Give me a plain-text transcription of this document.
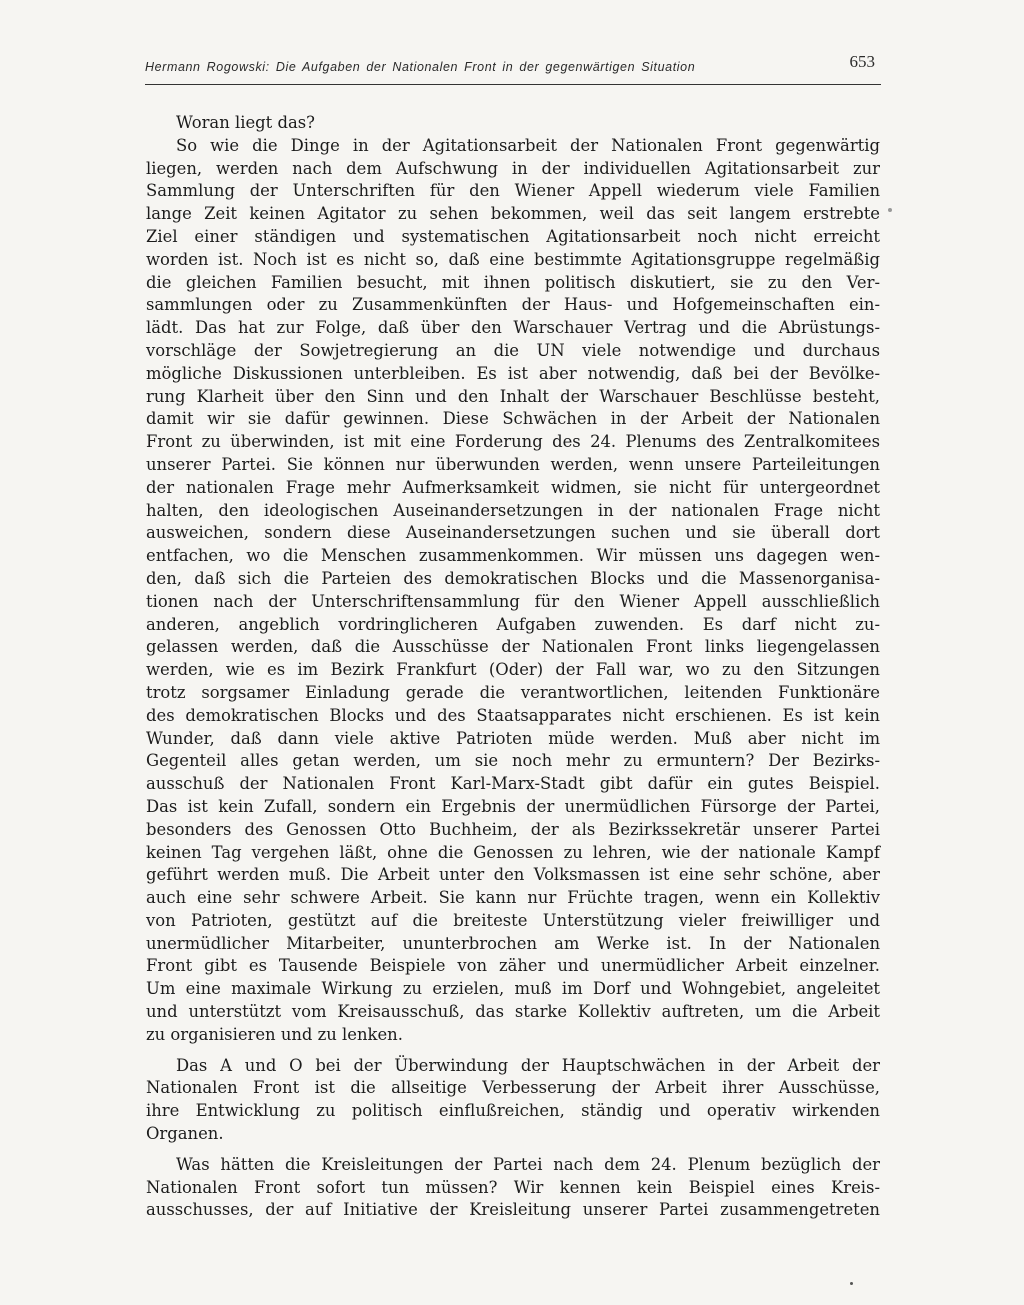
Hermann Rogowski: Die Aufgaben der Nationalen Front in der gegenwärtigen Situation	653
Woran liegt das?
So wie die Dinge in der Agitationsarbeit der Nationalen Front gegenwärtig
liegen, werden nach dem Aufschwung in der individuellen Agitationsarbeit zur
Sammlung der Unterschriften für den Wiener Appell wiederum viele Familien
lange Zeit keinen Agitator zu sehen bekommen, weil das seit langem erstrebte
Ziel einer ständigen und systematischen Agitationsarbeit noch nicht erreicht
worden ist. Noch ist es nicht so, daß eine bestimmte Agitationsgruppe regelmäßig
die gleichen Familien besucht, mit ihnen politisch diskutiert, sie zu den Ver-
sammlungen oder zu Zusammenkünften der Haus- und Hofgemeinschaften ein-
lädt. Das hat zur Folge, daß über den Warschauer Vertrag und die Abrüstungs-
vorschläge der Sowjetregierung an die UN viele notwendige und durchaus
mögliche Diskussionen unterbleiben. Es ist aber notwendig, daß bei der Bevölke-
rung Klarheit über den Sinn und den Inhalt der Warschauer Beschlüsse besteht,
damit wir sie dafür gewinnen. Diese Schwächen in der Arbeit der Nationalen
Front zu überwinden, ist mit eine Forderung des 24. Plenums des Zentralkomitees
unserer Partei. Sie können nur überwunden werden, wenn unsere Parteileitungen
der nationalen Frage mehr Aufmerksamkeit widmen, sie nicht für untergeordnet
halten, den ideologischen Auseinandersetzungen in der nationalen Frage nicht
ausweichen, sondern diese Auseinandersetzungen suchen und sie überall dort
entfachen, wo die Menschen zusammenkommen. Wir müssen uns dagegen wen-
den, daß sich die Parteien des demokratischen Blocks und die Massenorganisa-
tionen nach der Unterschriftensammlung für den Wiener Appell ausschließlich
anderen, angeblich vordringlicheren Aufgaben zuwenden. Es darf nicht zu-
gelassen werden, daß die Ausschüsse der Nationalen Front links liegengelassen
werden, wie es im Bezirk Frankfurt (Oder) der Fall war, wo zu den Sitzungen
trotz sorgsamer Einladung gerade die verantwortlichen, leitenden Funktionäre
des demokratischen Blocks und des Staatsapparates nicht erschienen. Es ist kein
Wunder, daß dann viele aktive Patrioten müde werden. Muß aber nicht im
Gegenteil alles getan werden, um sie noch mehr zu ermuntern? Der Bezirks-
ausschuß der Nationalen Front Karl-Marx-Stadt gibt dafür ein gutes Beispiel.
Das ist kein Zufall, sondern ein Ergebnis der unermüdlichen Fürsorge der Partei,
besonders des Genossen Otto Buchheim, der als Bezirkssekretär unserer Partei
keinen Tag vergehen läßt, ohne die Genossen zu lehren, wie der nationale Kampf
geführt werden muß. Die Arbeit unter den Volksmassen ist eine sehr schöne, aber
auch eine sehr schwere Arbeit. Sie kann nur Früchte tragen, wenn ein Kollektiv
von Patrioten, gestützt auf die breiteste Unterstützung vieler freiwilliger und
unermüdlicher Mitarbeiter, ununterbrochen am Werke ist. In der Nationalen
Front gibt es Tausende Beispiele von zäher und unermüdlicher Arbeit einzelner.
Um eine maximale Wirkung zu erzielen, muß im Dorf und Wohngebiet, angeleitet
und unterstützt vom Kreisausschuß, das starke Kollektiv auftreten, um die Arbeit
zu organisieren und zu lenken.
Das A und O bei der Überwindung der Hauptschwächen in der Arbeit der
Nationalen Front ist die allseitige Verbesserung der Arbeit ihrer Ausschüsse,
ihre Entwicklung zu politisch einflußreichen, ständig und operativ wirkenden
Organen.
Was hätten die Kreisleitungen der Partei nach dem 24. Plenum bezüglich der
Nationalen Front sofort tun müssen? Wir kennen kein Beispiel eines Kreis-
ausschusses, der auf Initiative der Kreisleitung unserer Partei zusammengetreten
